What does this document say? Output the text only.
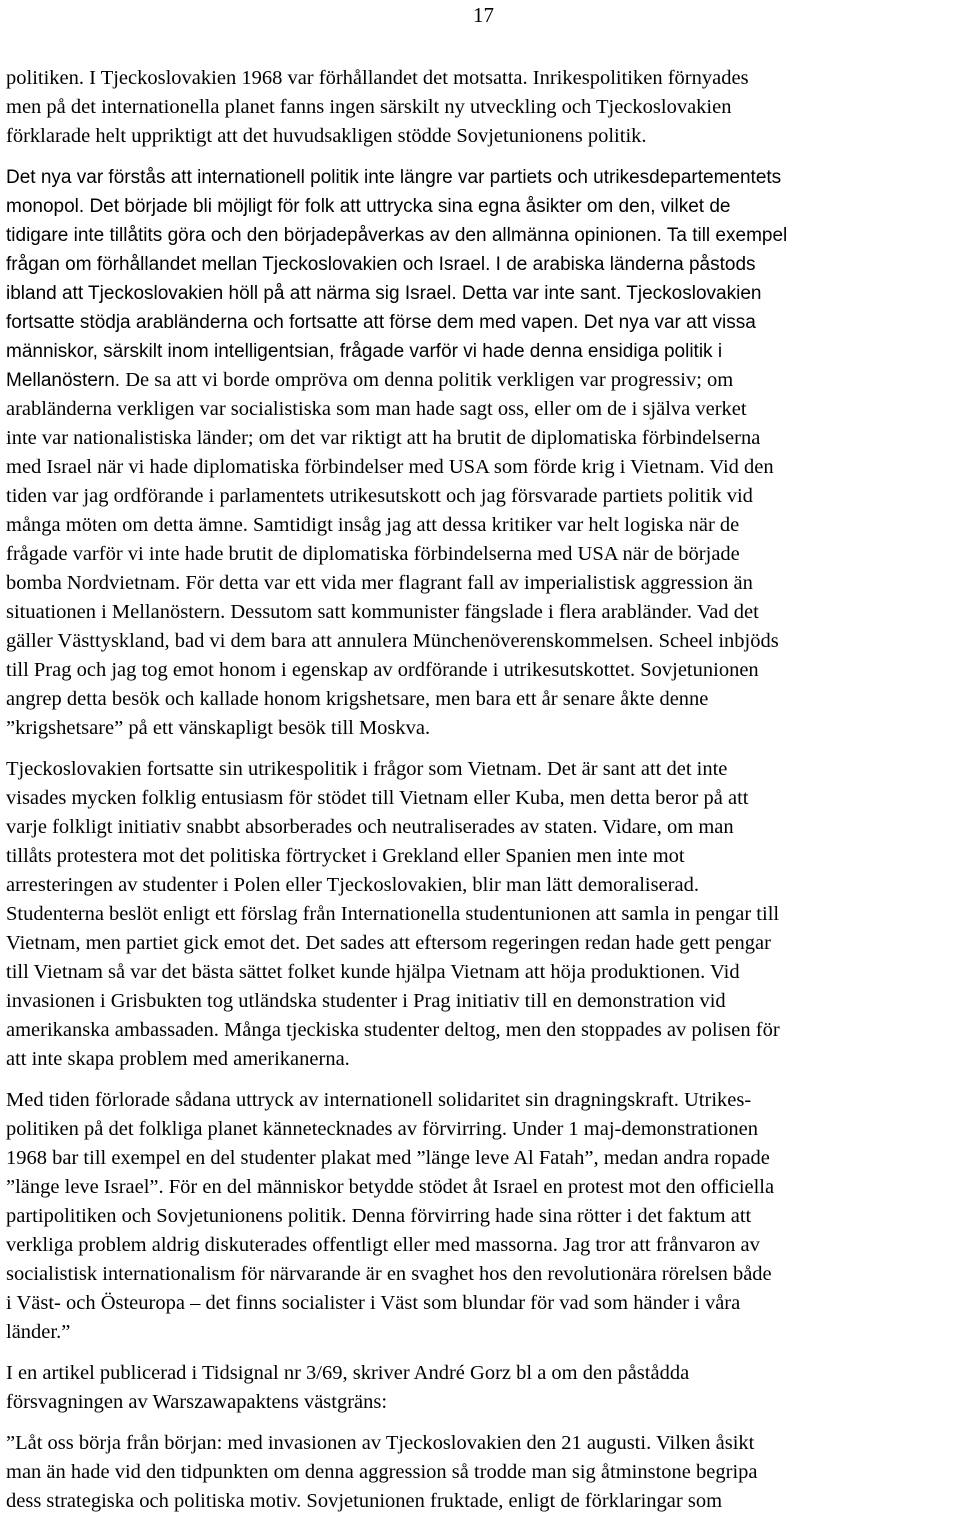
17

politiken. I Tjeckoslovakien 1968 var förhållandet det motsatta. Inrikespolitiken förnyades
men på det internationella planet fanns ingen särskilt ny utveckling och Tjeckoslovakien
förklarade helt uppriktigt att det huvudsakligen stödde Sovjetunionens politik.

Det nya var förstås att internationell politik inte längre var partiets och utrikesdepartementets
monopol. Det började bli möjligt för folk att uttrycka sina egna åsikter om den, vilket de
tidigare inte tillåtits göra och den börjadepåverkas av den allmänna opinionen. Ta till exempel
frågan om förhållandet mellan Tjeckoslovakien och Israel. I de arabiska länderna påstods
ibland att Tjeckoslovakien höll på att närma sig Israel. Detta var inte sant. Tjeckoslovakien
fortsatte stödja arabländerna och fortsatte att förse dem med vapen. Det nya var att vissa
människor, särskilt inom intelligentsian, frågade varför vi hade denna ensidiga politik i
Mellanöstern. De sa att vi borde ompröva om denna politik verkligen var progressiv; om
arabländerna verkligen var socialistiska som man hade sagt oss, eller om de i själva verket
inte var nationalistiska länder; om det var riktigt att ha brutit de diplomatiska förbindelserna
med Israel när vi hade diplomatiska förbindelser med USA som förde krig i Vietnam. Vid den
tiden var jag ordförande i parlamentets utrikesutskott och jag försvarade partiets politik vid
många möten om detta ämne. Samtidigt insåg jag att dessa kritiker var helt logiska när de
frågade varför vi inte hade brutit de diplomatiska förbindelserna med USA när de började
bomba Nordvietnam. För detta var ett vida mer flagrant fall av imperialistisk aggression än
situationen i Mellanöstern. Dessutom satt kommunister fängslade i flera arabländer. Vad det
gäller Västtyskland, bad vi dem bara att annulera Münchenöverenskommelsen. Scheel inbjöds
till Prag och jag tog emot honom i egenskap av ordförande i utrikesutskottet. Sovjetunionen
angrep detta besök och kallade honom krigshetsare, men bara ett år senare åkte denne
”krigshetsare” på ett vänskapligt besök till Moskva.

Tjeckoslovakien fortsatte sin utrikespolitik i frågor som Vietnam. Det är sant att det inte
visades mycken folklig entusiasm för stödet till Vietnam eller Kuba, men detta beror på att
varje folkligt initiativ snabbt absorberades och neutraliserades av staten. Vidare, om man
tillåts protestera mot det politiska förtrycket i Grekland eller Spanien men inte mot
arresteringen av studenter i Polen eller Tjeckoslovakien, blir man lätt demoraliserad.
Studenterna beslöt enligt ett förslag från Internationella studentunionen att samla in pengar till
Vietnam, men partiet gick emot det. Det sades att eftersom regeringen redan hade gett pengar
till Vietnam så var det bästa sättet folket kunde hjälpa Vietnam att höja produktionen. Vid
invasionen i Grisbukten tog utländska studenter i Prag initiativ till en demonstration vid
amerikanska ambassaden. Många tjeckiska studenter deltog, men den stoppades av polisen för
att inte skapa problem med amerikanerna.

Med tiden förlorade sådana uttryck av internationell solidaritet sin dragningskraft. Utrikes-
politiken på det folkliga planet kännetecknades av förvirring. Under 1 maj-demonstrationen
1968 bar till exempel en del studenter plakat med ”länge leve Al Fatah”, medan andra ropade
”länge leve Israel”. För en del människor betydde stödet åt Israel en protest mot den officiella
partipolitiken och Sovjetunionens politik. Denna förvirring hade sina rötter i det faktum att
verkliga problem aldrig diskuterades offentligt eller med massorna. Jag tror att frånvaron av
socialistisk internationalism för närvarande är en svaghet hos den revolutionära rörelsen både
i Väst- och Östeuropa – det finns socialister i Väst som blundar för vad som händer i våra
länder.”

I en artikel publicerad i Tidsignal nr 3/69, skriver André Gorz bl a om den påstådda
försvagningen av Warszawapaktens västgräns:

”Låt oss börja från början: med invasionen av Tjeckoslovakien den 21 augusti. Vilken åsikt
man än hade vid den tidpunkten om denna aggression så trodde man sig åtminstone begripa
dess strategiska och politiska motiv. Sovjetunionen fruktade, enligt de förklaringar som
